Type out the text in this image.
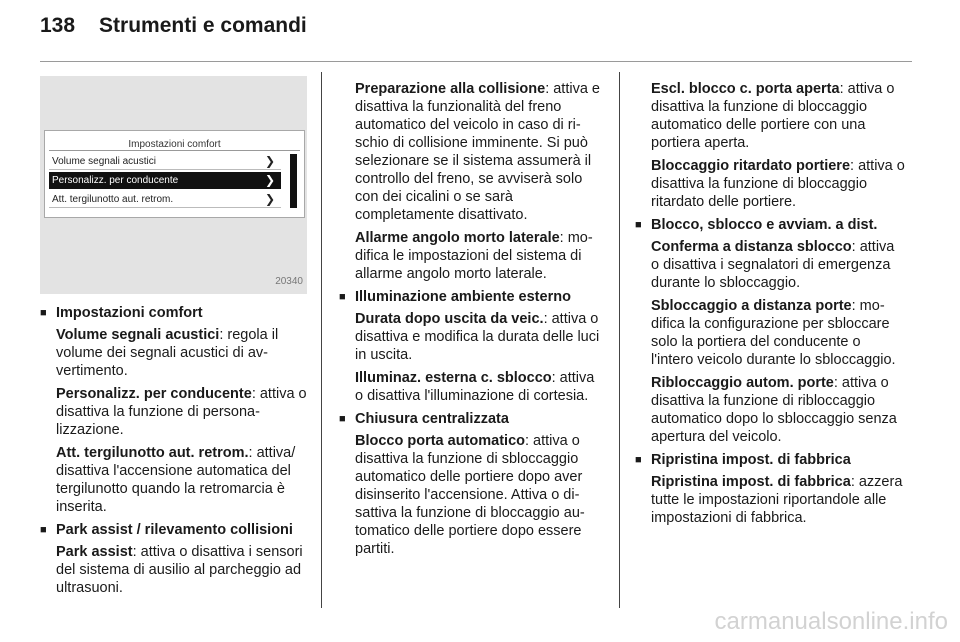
138 Strumenti e comandi
Impostazioni comfort
Volume segnali acustici	❯
Personalizz. per conducente	❯
Att. tergilunotto aut. retrom.	❯
20340
■ Impostazioni comfort
Volume segnali acustici: regola il volume dei segnali acustici di avvertimento.
Personalizz. per conducente: attiva o disattiva la funzione di personalizzazione.
Att. tergilunotto aut. retrom.: attiva/ disattiva l'accensione automatica del tergilunotto quando la retromarcia è inserita.
■ Park assist / rilevamento collisioni
Park assist: attiva o disattiva i sensori del sistema di ausilio al parcheggio ad ultrasuoni.
Preparazione alla collisione: attiva e disattiva la funzionalità del freno automatico del veicolo in caso di rischio di collisione imminente. Si può selezionare se il sistema assumerà il controllo del freno, se avviserà solo con dei cicalini o se sarà completamente disattivato.
Allarme angolo morto laterale: modifica le impostazioni del sistema di allarme angolo morto laterale.
■ Illuminazione ambiente esterno
Durata dopo uscita da veic.: attiva o disattiva e modifica la durata delle luci in uscita.
Illuminaz. esterna c. sblocco: attiva o disattiva l'illuminazione di cortesia.
■ Chiusura centralizzata
Blocco porta automatico: attiva o disattiva la funzione di sbloccaggio automatico delle portiere dopo aver disinserito l'accensione. Attiva o disattiva la funzione di bloccaggio automatico delle portiere dopo essere partiti.
Escl. blocco c. porta aperta: attiva o disattiva la funzione di bloccaggio automatico delle portiere con una portiera aperta.
Bloccaggio ritardato portiere: attiva o disattiva la funzione di bloccaggio ritardato delle portiere.
■ Blocco, sblocco e avviam. a dist.
Conferma a distanza sblocco: attiva o disattiva i segnalatori di emergenza durante lo sbloccaggio.
Sbloccaggio a distanza porte: modifica la configurazione per sbloccare solo la portiera del conducente o l'intero veicolo durante lo sbloccaggio.
Ribloccaggio autom. porte: attiva o disattiva la funzione di ribloccaggio automatico dopo lo sbloccaggio senza apertura del veicolo.
■ Ripristina impost. di fabbrica
Ripristina impost. di fabbrica: azzera tutte le impostazioni riportandole alle impostazioni di fabbrica.
carmanualsonline.info
